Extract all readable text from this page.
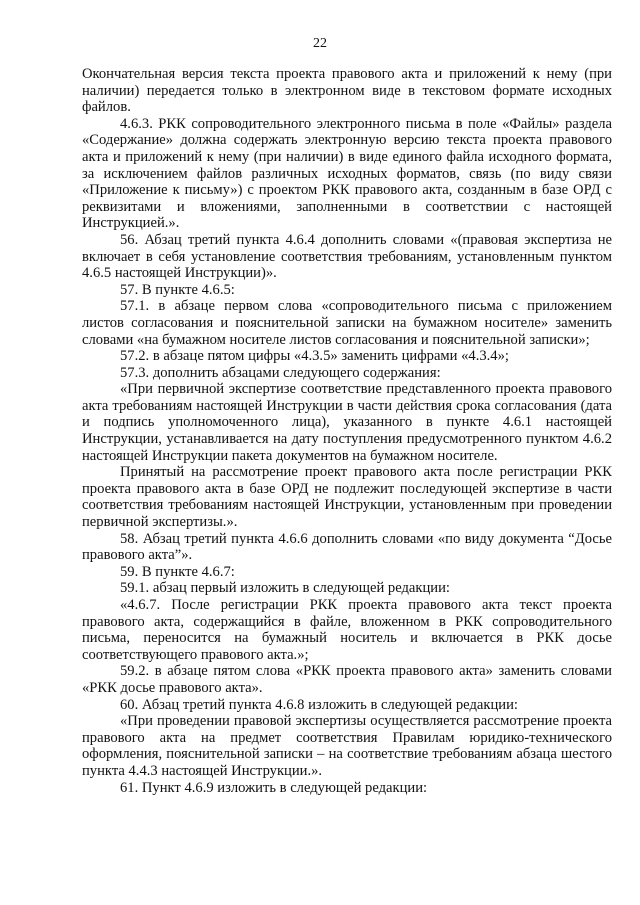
22

Окончательная версия текста проекта правового акта и приложений к нему (при наличии) передается только в электронном виде в текстовом формате исходных файлов.

4.6.3. РКК сопроводительного электронного письма в поле «Файлы» раздела «Содержание» должна содержать электронную версию текста проекта правового акта и приложений к нему (при наличии) в виде единого файла исходного формата, за исключением файлов различных исходных форматов, связь (по виду связи «Приложение к письму») с проектом РКК правового акта, созданным в базе ОРД с реквизитами и вложениями, заполненными в соответствии с настоящей Инструкцией.».

56. Абзац третий пункта 4.6.4 дополнить словами «(правовая экспертиза не включает в себя установление соответствия требованиям, установленным пунктом 4.6.5 настоящей Инструкции)».

57. В пункте 4.6.5:

57.1. в абзаце первом слова «сопроводительного письма с приложением листов согласования и пояснительной записки на бумажном носителе» заменить словами «на бумажном носителе листов согласования и пояснительной записки»;

57.2. в абзаце пятом цифры «4.3.5» заменить цифрами «4.3.4»;

57.3. дополнить абзацами следующего содержания:

«При первичной экспертизе соответствие представленного проекта правового акта требованиям настоящей Инструкции в части действия срока согласования (дата и подпись уполномоченного лица), указанного в пункте 4.6.1 настоящей Инструкции, устанавливается на дату поступления предусмотренного пунктом 4.6.2 настоящей Инструкции пакета документов на бумажном носителе.

Принятый на рассмотрение проект правового акта после регистрации РКК проекта правового акта в базе ОРД не подлежит последующей экспертизе в части соответствия требованиям настоящей Инструкции, установленным при проведении первичной экспертизы.».

58. Абзац третий пункта 4.6.6 дополнить словами «по виду документа “Досье правового акта”».

59. В пункте 4.6.7:

59.1. абзац первый изложить в следующей редакции:

«4.6.7. После регистрации РКК проекта правового акта текст проекта правового акта, содержащийся в файле, вложенном в РКК сопроводительного письма, переносится на бумажный носитель и включается в РКК досье соответствующего правового акта.»;

59.2. в абзаце пятом слова «РКК проекта правового акта» заменить словами «РКК досье правового акта».

60. Абзац третий пункта 4.6.8 изложить в следующей редакции:

«При проведении правовой экспертизы осуществляется рассмотрение проекта правового акта на предмет соответствия Правилам юридико-технического оформления, пояснительной записки – на соответствие требованиям абзаца шестого пункта 4.4.3 настоящей Инструкции.».

61. Пункт 4.6.9 изложить в следующей редакции:
